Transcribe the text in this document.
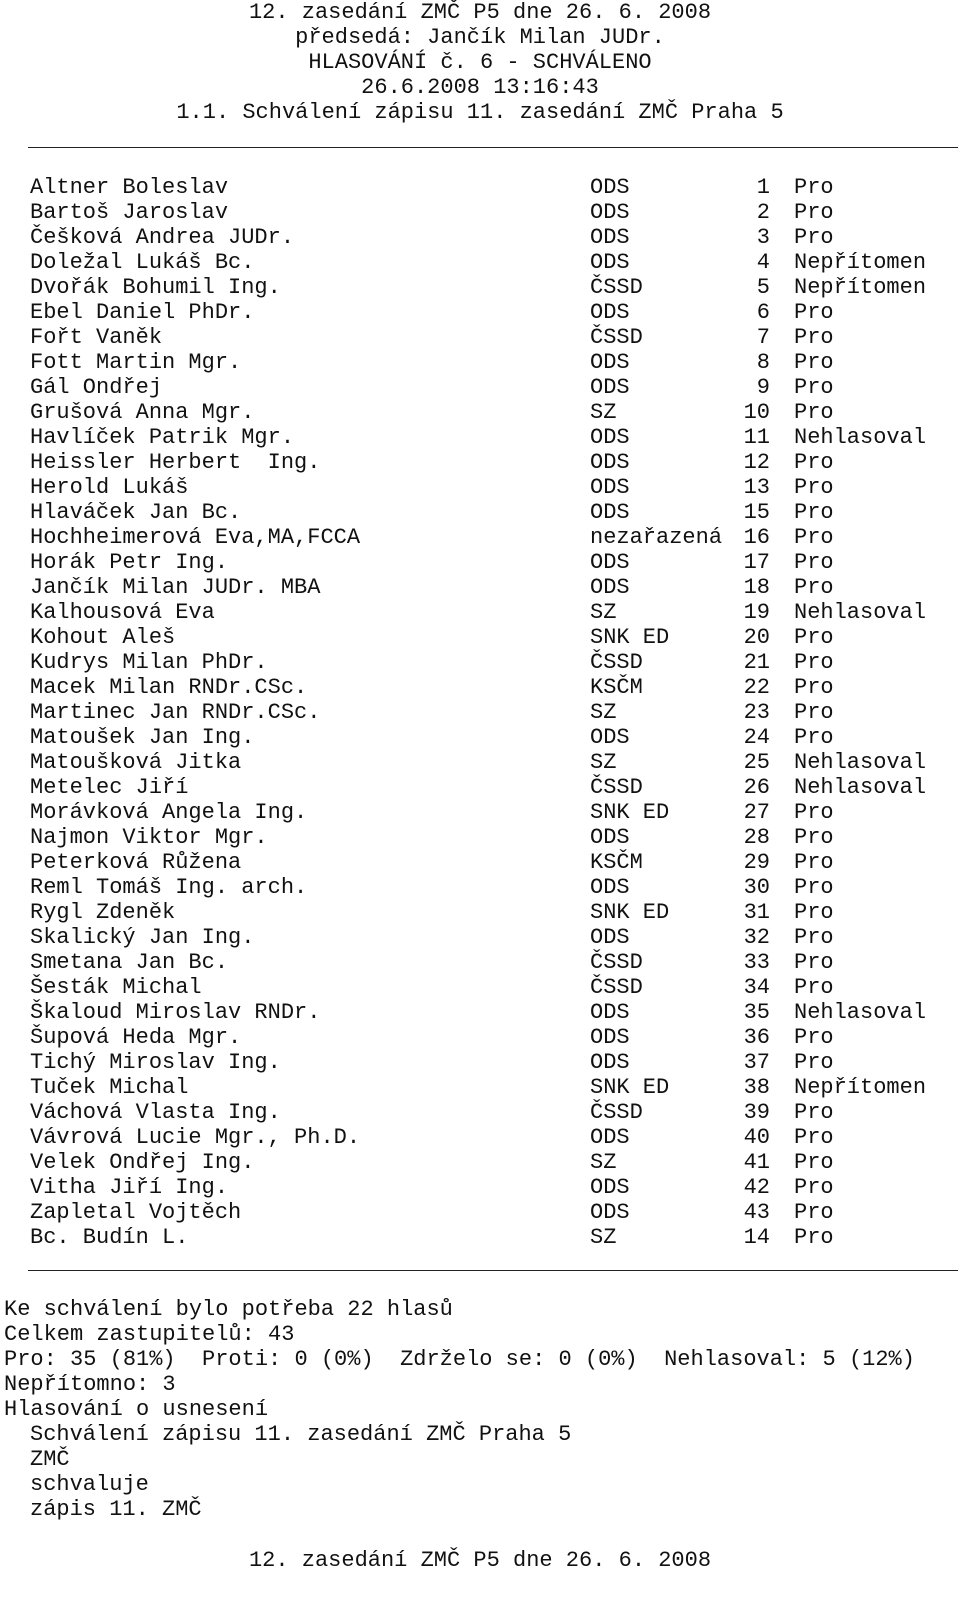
12. zasedání ZMČ P5 dne 26. 6. 2008
předsedá: Jančík Milan JUDr.
HLASOVÁNÍ č. 6 - SCHVÁLENO
26.6.2008 13:16:43
1.1. Schválení zápisu 11. zasedání ZMČ Praha 5
Altner Boleslav	ODS	1 Pro
Bartoš Jaroslav	ODS	2 Pro
Češková Andrea JUDr.	ODS	3 Pro
Doležal Lukáš Bc.	ODS	4 Nepřítomen
Dvořák Bohumil Ing.	ČSSD	5 Nepřítomen
Ebel Daniel PhDr.	ODS	6 Pro
Fořt Vaněk	ČSSD	7 Pro
Fott Martin Mgr.	ODS	8 Pro
Gál Ondřej	ODS	9 Pro
Grušová Anna Mgr.	SZ	10 Pro
Havlíček Patrik Mgr.	ODS	11 Nehlasoval
Heissler Herbert  Ing.	ODS	12 Pro
Herold Lukáš	ODS	13 Pro
Hlaváček Jan Bc.	ODS	15 Pro
Hochheimerová Eva,MA,FCCA	nezařazená 16 Pro
Horák Petr Ing.	ODS	17 Pro
Jančík Milan JUDr. MBA	ODS	18 Pro
Kalhousová Eva	SZ	19 Nehlasoval
Kohout Aleš	SNK ED	20 Pro
Kudrys Milan PhDr.	ČSSD	21 Pro
Macek Milan RNDr.CSc.	KSČM	22 Pro
Martinec Jan RNDr.CSc.	SZ	23 Pro
Matoušek Jan Ing.	ODS	24 Pro
Matoušková Jitka	SZ	25 Nehlasoval
Metelec Jiří	ČSSD	26 Nehlasoval
Morávková Angela Ing.	SNK ED	27 Pro
Najmon Viktor Mgr.	ODS	28 Pro
Peterková Růžena	KSČM	29 Pro
Reml Tomáš Ing. arch.	ODS	30 Pro
Rygl Zdeněk	SNK ED	31 Pro
Skalický Jan Ing.	ODS	32 Pro
Smetana Jan Bc.	ČSSD	33 Pro
Šesták Michal	ČSSD	34 Pro
Škaloud Miroslav RNDr.	ODS	35 Nehlasoval
Šupová Heda Mgr.	ODS	36 Pro
Tichý Miroslav Ing.	ODS	37 Pro
Tuček Michal	SNK ED	38 Nepřítomen
Váchová Vlasta Ing.	ČSSD	39 Pro
Vávrová Lucie Mgr., Ph.D.	ODS	40 Pro
Velek Ondřej Ing.	SZ	41 Pro
Vitha Jiří Ing.	ODS	42 Pro
Zapletal Vojtěch	ODS	43 Pro
Bc. Budín L.	SZ	14 Pro
Ke schválení bylo potřeba 22 hlasů
Celkem zastupitelů: 43
Pro: 35 (81%)  Proti: 0 (0%)  Zdrželo se: 0 (0%)  Nehlasoval: 5 (12%)
Nepřítomno: 3
Hlasování o usnesení
Schválení zápisu 11. zasedání ZMČ Praha 5
ZMČ
schvaluje
zápis 11. ZMČ
12. zasedání ZMČ P5 dne 26. 6. 2008
